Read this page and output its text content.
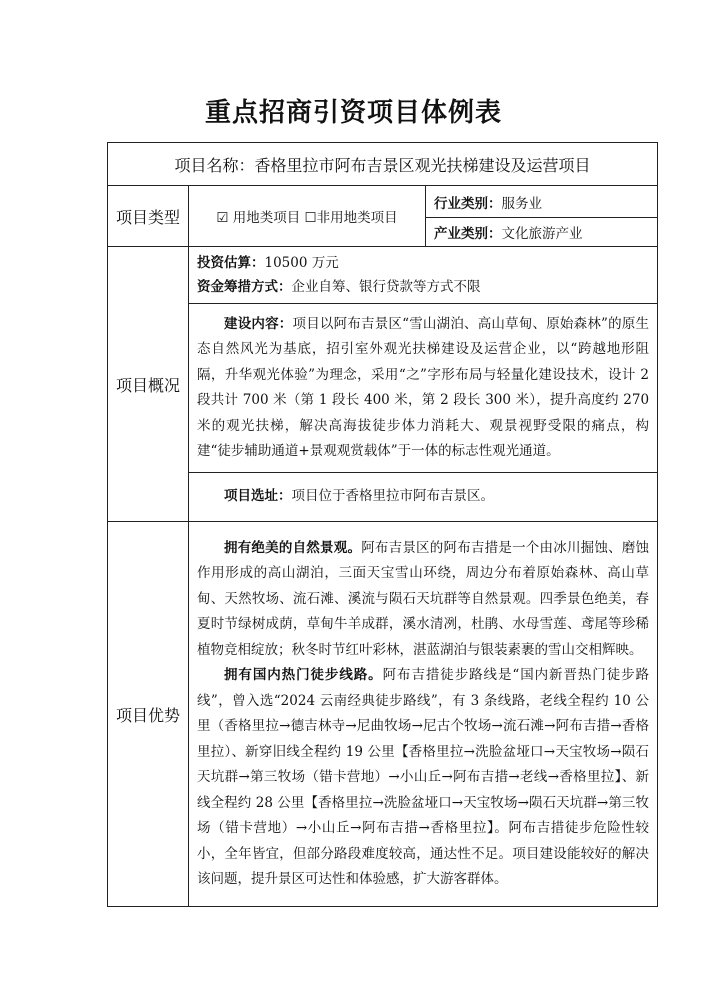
重点招商引资项目体例表
项目名称：香格里拉市阿布吉景区观光扶梯建设及运营项目		
项目类型	☑ 用地类项目 ☐非用地类项目	行业类别：服务业
		产业类别：文化旅游产业
项目概况	投资估算：10500 万元
资金筹措方式：企业自筹、银行贷款等方式不限	

	建设内容：项目以阿布吉景区“雪山湖泊、高山草甸、原始森林”的原生态自然风光为基底，招引室外观光扶梯建设及运营企业，以“跨越地形阻隔，升华观光体验”为理念，采用“之”字形布局与轻量化建设技术，设计 2 段共计 700 米（第 1 段长 400 米，第 2 段长 300 米），提升高度约 270 米的观光扶梯，解决高海拔徒步体力消耗大、观景视野受限的痛点，构建“徒步辅助通道+景观观赏载体”于一体的标志性观光通道。	

	项目选址：项目位于香格里拉市阿布吉景区。	

项目优势	拥有绝美的自然景观。阿布吉景区的阿布吉措是一个由冰川掘蚀、磨蚀作用形成的高山湖泊，三面天宝雪山环绕，周边分布着原始森林、高山草甸、天然牧场、流石滩、溪流与陨石天坑群等自然景观。四季景色绝美，春夏时节绿树成荫，草甸牛羊成群，溪水清冽，杜鹃、水母雪莲、鸢尾等珍稀植物竞相绽放；秋冬时节红叶彩林，湛蓝湖泊与银装素裹的雪山交相辉映。

拥有国内热门徒步线路。阿布吉措徒步路线是“国内新晋热门徒步路线”，曾入选“2024 云南经典徒步路线”，有 3 条线路，老线全程约 10 公里（香格里拉→德吉林寺→尼曲牧场→尼古个牧场→流石滩→阿布吉措→香格里拉）、新穿旧线全程约 19 公里【香格里拉→洗脸盆垭口→天宝牧场→陨石天坑群→第三牧场（错卡营地）→小山丘→阿布吉措→老线→香格里拉】、新线全程约 28 公里【香格里拉→洗脸盆垭口→天宝牧场→陨石天坑群→第三牧场（错卡营地）→小山丘→阿布吉措→香格里拉】。阿布吉措徒步危险性较小，全年皆宜，但部分路段难度较高，通达性不足。项目建设能较好的解决该问题，提升景区可达性和体验感，扩大游客群体。	
